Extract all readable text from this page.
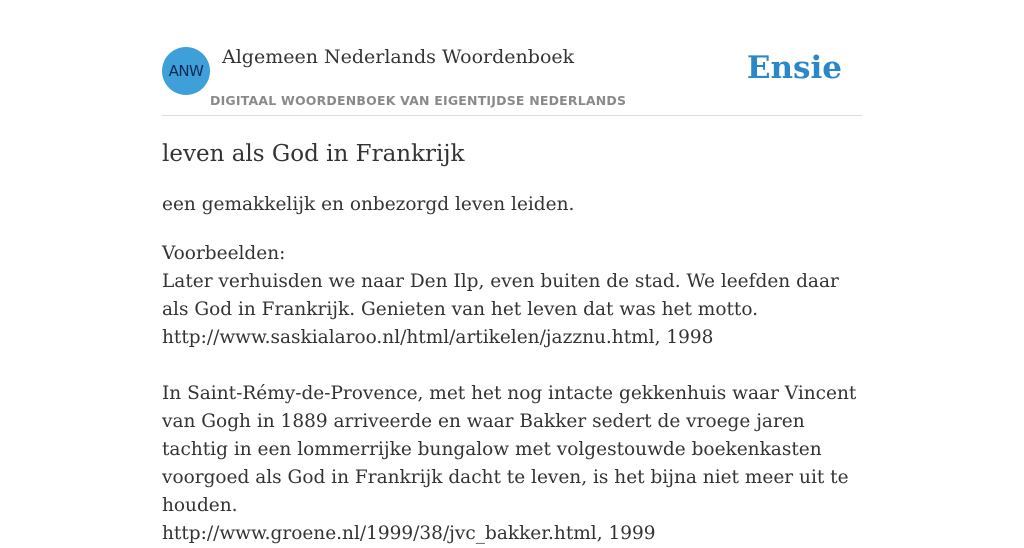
ANW
Algemeen Nederlands Woordenboek
DIGITAAL WOORDENBOEK VAN EIGENTIJDSE NEDERLANDS
Ensie
leven als God in Frankrijk
een gemakkelijk en onbezorgd leven leiden.

Voorbeelden:

Later verhuisden we naar Den Ilp, even buiten de stad. We leefden daar als God in Frankrijk. Genieten van het leven dat was het motto.

http://www.saskialaroo.nl/html/artikelen/jazznu.html, 1998

In Saint-Rémy-de-Provence, met het nog intacte gekkenhuis waar Vincent van Gogh in 1889 arriveerde en waar Bakker sedert de vroege jaren tachtig in een lommerrijke bungalow met volgestouwde boekenkasten voorgoed als God in Frankrijk dacht te leven, is het bijna niet meer uit te houden.

http://www.groene.nl/1999/38/jvc_bakker.html, 1999
